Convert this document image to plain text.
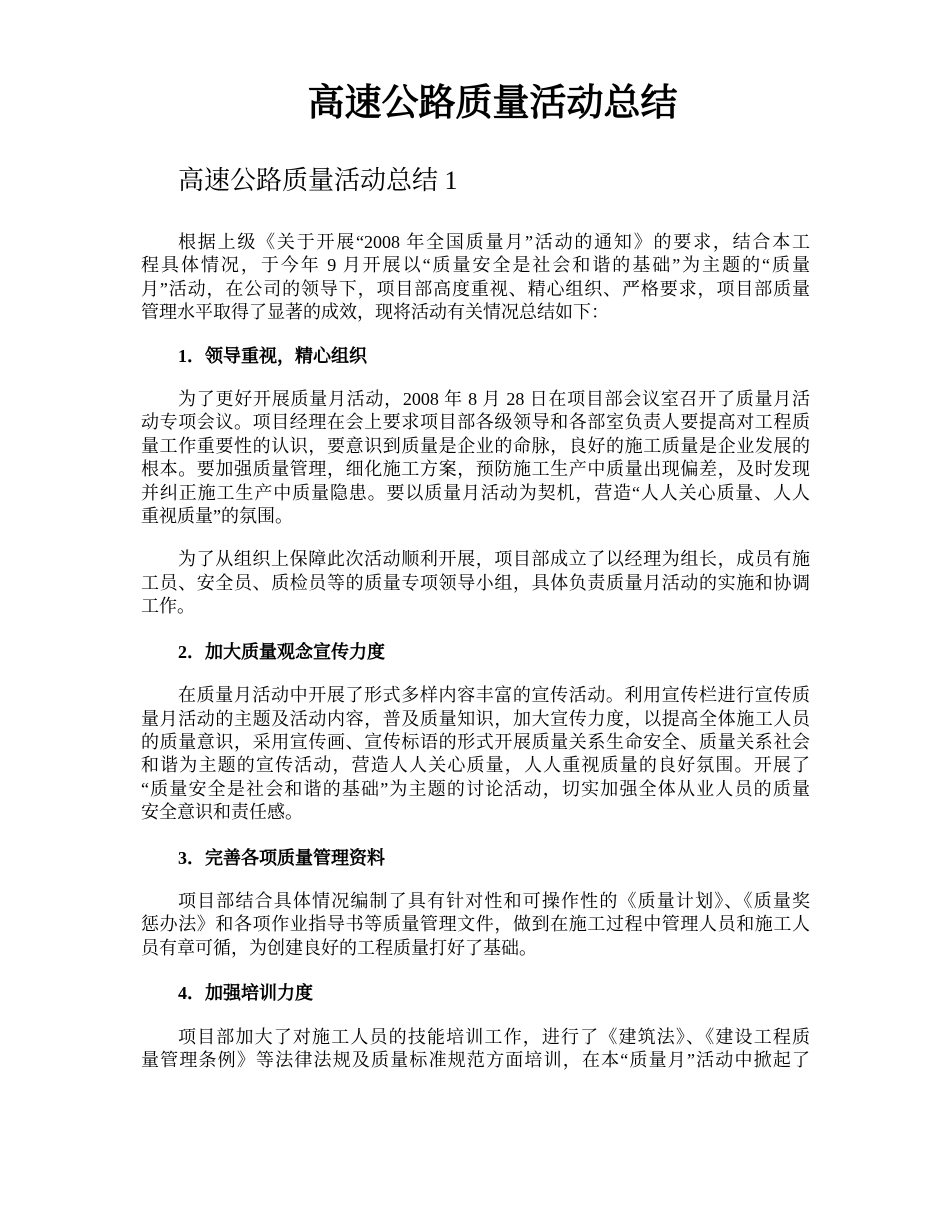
高速公路质量活动总结
高速公路质量活动总结 1
根据上级《关于开展“2008 年全国质量月”活动的通知》的要求，结合本工
程具体情况，于今年 9 月开展以“质量安全是社会和谐的基础”为主题的“质量
月”活动，在公司的领导下，项目部高度重视、精心组织、严格要求，项目部质量
管理水平取得了显著的成效，现将活动有关情况总结如下：
1．领导重视，精心组织
为了更好开展质量月活动，2008 年 8 月 28 日在项目部会议室召开了质量月活
动专项会议。项目经理在会上要求项目部各级领导和各部室负责人要提高对工程质
量工作重要性的认识，要意识到质量是企业的命脉，良好的施工质量是企业发展的
根本。要加强质量管理，细化施工方案，预防施工生产中质量出现偏差，及时发现
并纠正施工生产中质量隐患。要以质量月活动为契机，营造“人人关心质量、人人
重视质量”的氛围。
为了从组织上保障此次活动顺利开展，项目部成立了以经理为组长，成员有施
工员、安全员、质检员等的质量专项领导小组，具体负责质量月活动的实施和协调
工作。
2．加大质量观念宣传力度
在质量月活动中开展了形式多样内容丰富的宣传活动。利用宣传栏进行宣传质
量月活动的主题及活动内容，普及质量知识，加大宣传力度，以提高全体施工人员
的质量意识，采用宣传画、宣传标语的形式开展质量关系生命安全、质量关系社会
和谐为主题的宣传活动，营造人人关心质量，人人重视质量的良好氛围。开展了
“质量安全是社会和谐的基础”为主题的讨论活动，切实加强全体从业人员的质量
安全意识和责任感。
3．完善各项质量管理资料
项目部结合具体情况编制了具有针对性和可操作性的《质量计划》、《质量奖
惩办法》和各项作业指导书等质量管理文件，做到在施工过程中管理人员和施工人
员有章可循，为创建良好的工程质量打好了基础。
4．加强培训力度
项目部加大了对施工人员的技能培训工作，进行了《建筑法》、《建设工程质
量管理条例》等法律法规及质量标准规范方面培训，在本“质量月”活动中掀起了
